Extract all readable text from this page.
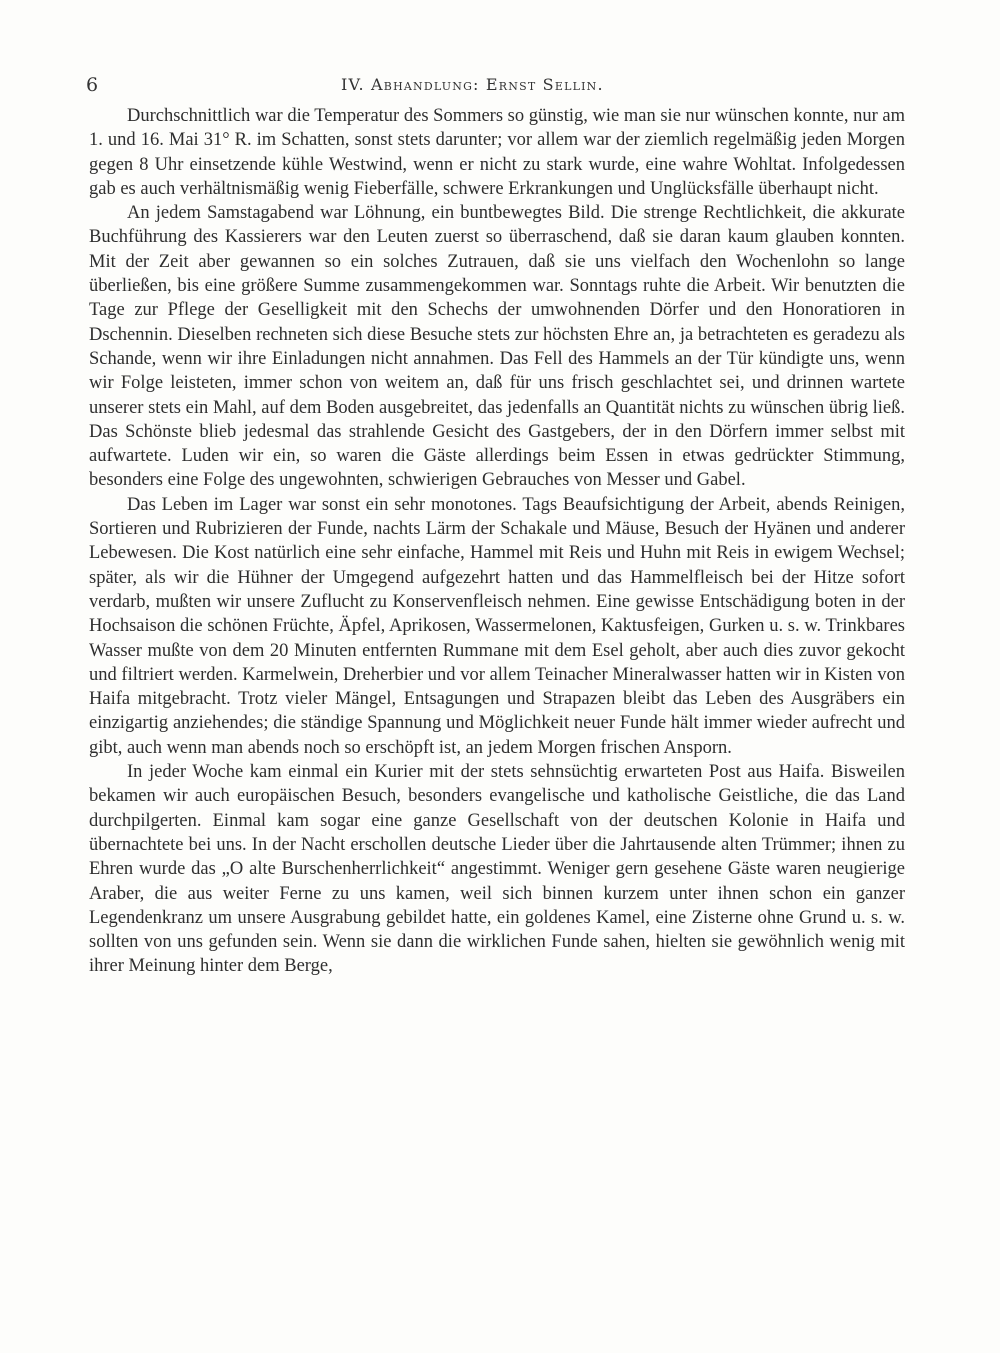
6	IV. Abhandlung: Ernst Sellin.

Durchschnittlich war die Temperatur des Sommers so günstig, wie man sie nur wünschen konnte, nur am 1. und 16. Mai 31° R. im Schatten, sonst stets darunter; vor allem war der ziemlich regelmäßig jeden Morgen gegen 8 Uhr einsetzende kühle Westwind, wenn er nicht zu stark wurde, eine wahre Wohltat. Infolgedessen gab es auch verhältnismäßig wenig Fieberfälle, schwere Erkrankungen und Unglücksfälle überhaupt nicht.

An jedem Samstagabend war Löhnung, ein buntbewegtes Bild. Die strenge Rechtlichkeit, die akkurate Buchführung des Kassierers war den Leuten zuerst so überraschend, daß sie daran kaum glauben konnten. Mit der Zeit aber gewannen so ein solches Zutrauen, daß sie uns vielfach den Wochenlohn so lange überließen, bis eine größere Summe zusammengekommen war. Sonntags ruhte die Arbeit. Wir benutzten die Tage zur Pflege der Geselligkeit mit den Schechs der umwohnenden Dörfer und den Honoratioren in Dschennin. Dieselben rechneten sich diese Besuche stets zur höchsten Ehre an, ja betrachteten es geradezu als Schande, wenn wir ihre Einladungen nicht annahmen. Das Fell des Hammels an der Tür kündigte uns, wenn wir Folge leisteten, immer schon von weitem an, daß für uns frisch geschlachtet sei, und drinnen wartete unserer stets ein Mahl, auf dem Boden ausgebreitet, das jedenfalls an Quantität nichts zu wünschen übrig ließ. Das Schönste blieb jedesmal das strahlende Gesicht des Gastgebers, der in den Dörfern immer selbst mit aufwartete. Luden wir ein, so waren die Gäste allerdings beim Essen in etwas gedrückter Stimmung, besonders eine Folge des ungewohnten, schwierigen Gebrauches von Messer und Gabel.

Das Leben im Lager war sonst ein sehr monotones. Tags Beaufsichtigung der Arbeit, abends Reinigen, Sortieren und Rubrizieren der Funde, nachts Lärm der Schakale und Mäuse, Besuch der Hyänen und anderer Lebewesen. Die Kost natürlich eine sehr einfache, Hammel mit Reis und Huhn mit Reis in ewigem Wechsel; später, als wir die Hühner der Umgegend aufgezehrt hatten und das Hammelfleisch bei der Hitze sofort verdarb, mußten wir unsere Zuflucht zu Konservenfleisch nehmen. Eine gewisse Entschädigung boten in der Hochsaison die schönen Früchte, Äpfel, Aprikosen, Wassermelonen, Kaktusfeigen, Gurken u. s. w. Trinkbares Wasser mußte von dem 20 Minuten entfernten Rummane mit dem Esel geholt, aber auch dies zuvor gekocht und filtriert werden. Karmelwein, Dreherbier und vor allem Teinacher Mineralwasser hatten wir in Kisten von Haifa mitgebracht. Trotz vieler Mängel, Entsagungen und Strapazen bleibt das Leben des Ausgräbers ein einzigartig anziehendes; die ständige Spannung und Möglichkeit neuer Funde hält immer wieder aufrecht und gibt, auch wenn man abends noch so erschöpft ist, an jedem Morgen frischen Ansporn.

In jeder Woche kam einmal ein Kurier mit der stets sehnsüchtig erwarteten Post aus Haifa. Bisweilen bekamen wir auch europäischen Besuch, besonders evangelische und katholische Geistliche, die das Land durchpilgerten. Einmal kam sogar eine ganze Gesellschaft von der deutschen Kolonie in Haifa und übernachtete bei uns. In der Nacht erschollen deutsche Lieder über die Jahrtausende alten Trümmer; ihnen zu Ehren wurde das „O alte Burschenherrlichkeit“ angestimmt. Weniger gern gesehene Gäste waren neugierige Araber, die aus weiter Ferne zu uns kamen, weil sich binnen kurzem unter ihnen schon ein ganzer Legendenkranz um unsere Ausgrabung gebildet hatte, ein goldenes Kamel, eine Zisterne ohne Grund u. s. w. sollten von uns gefunden sein. Wenn sie dann die wirklichen Funde sahen, hielten sie gewöhnlich wenig mit ihrer Meinung hinter dem Berge,
